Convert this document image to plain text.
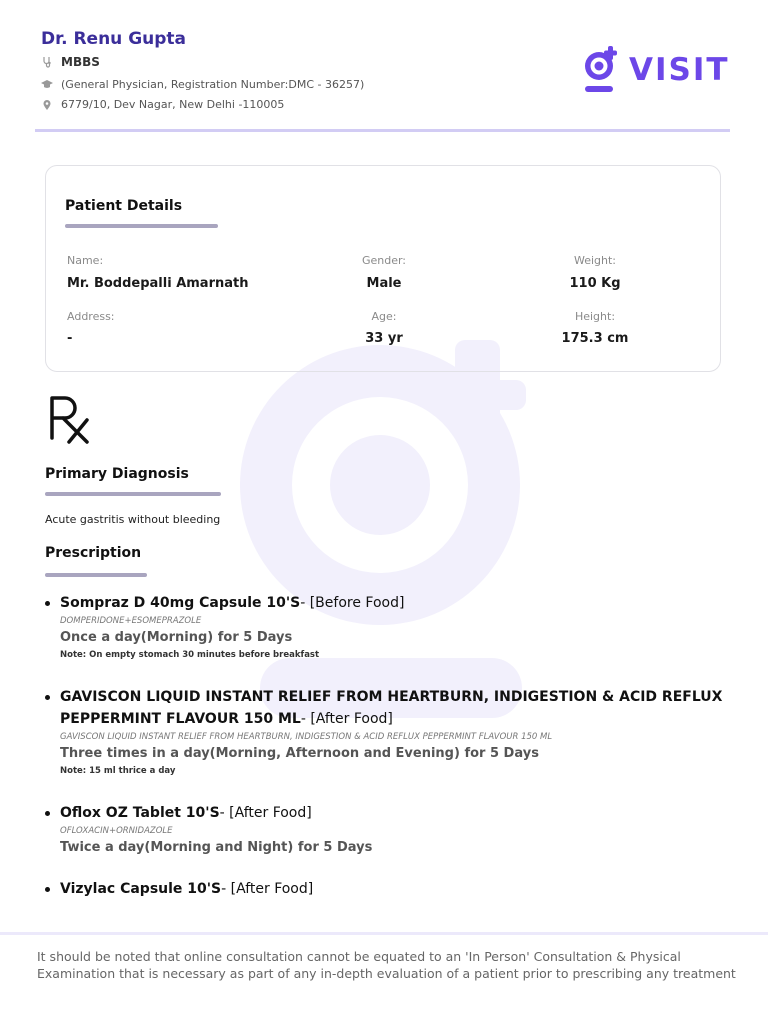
Dr. Renu Gupta
MBBS
(General Physician, Registration Number:DMC - 36257)
6779/10, Dev Nagar, New Delhi -110005
VISIT
Patient Details
Name:
Mr. Boddepalli Amarnath
Gender:
Male
Weight:
110 Kg
Address:
-
Age:
33 yr
Height:
175.3 cm
Primary Diagnosis
Acute gastritis without bleeding
Prescription
Sompraz D 40mg Capsule 10'S- [Before Food]
DOMPERIDONE+ESOMEPRAZOLE
Once a day(Morning) for 5 Days
Note: On empty stomach 30 minutes before breakfast
GAVISCON LIQUID INSTANT RELIEF FROM HEARTBURN, INDIGESTION & ACID REFLUX PEPPERMINT FLAVOUR 150 ML- [After Food]
GAVISCON LIQUID INSTANT RELIEF FROM HEARTBURN, INDIGESTION & ACID REFLUX PEPPERMINT FLAVOUR 150 ML
Three times in a day(Morning, Afternoon and Evening) for 5 Days
Note: 15 ml thrice a day
Oflox OZ Tablet 10'S- [After Food]
OFLOXACIN+ORNIDAZOLE
Twice a day(Morning and Night) for 5 Days
Vizylac Capsule 10'S- [After Food]
It should be noted that online consultation cannot be equated to an 'In Person' Consultation & Physical Examination that is necessary as part of any in-depth evaluation of a patient prior to prescribing any treatment
